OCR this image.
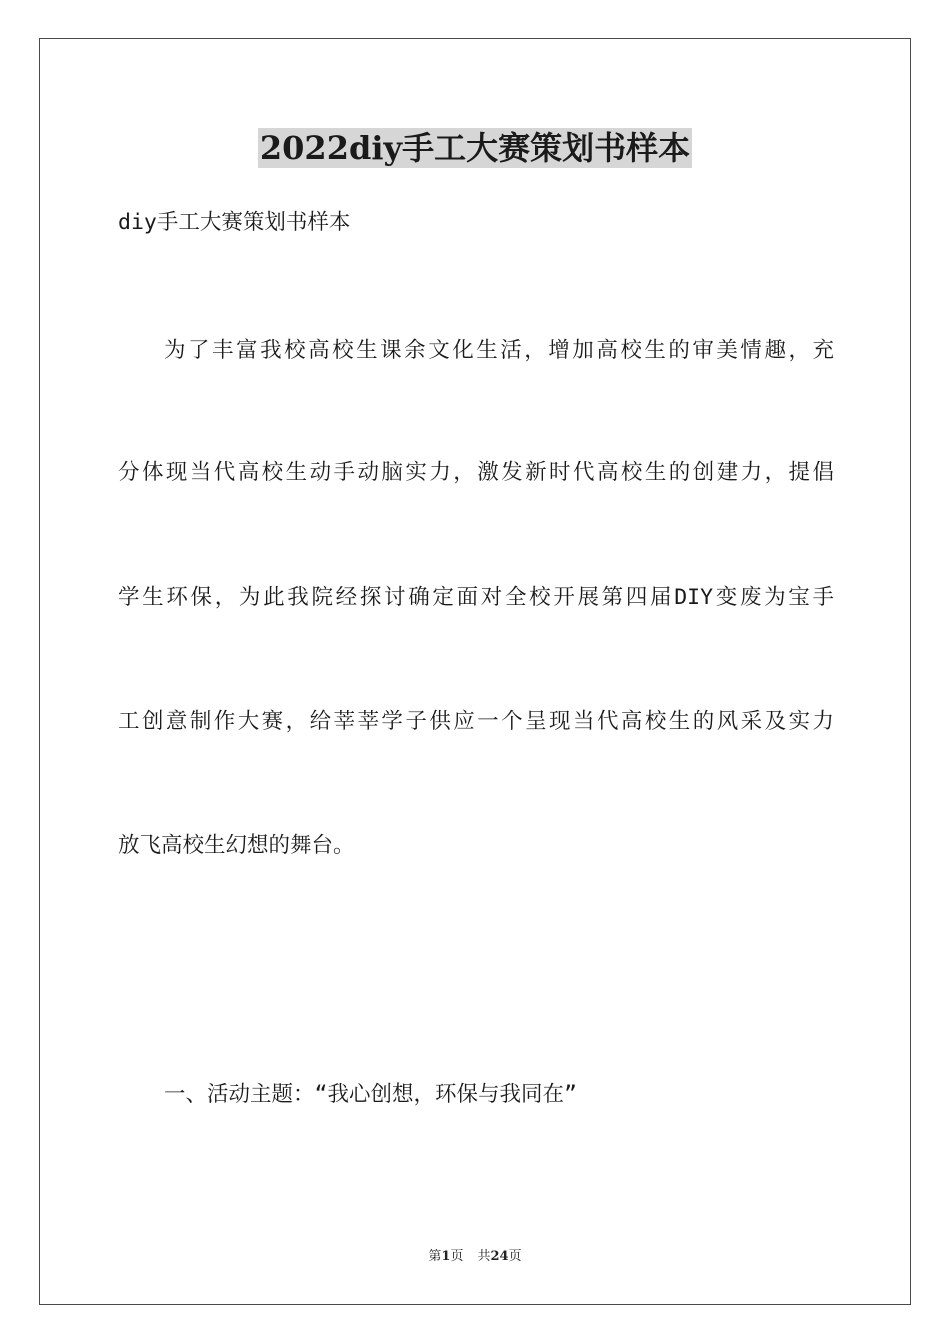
2022diy手工大赛策划书样本
diy手工大赛策划书样本
为了丰富我校高校生课余文化生活，增加高校生的审美情趣，充
分体现当代高校生动手动脑实力，激发新时代高校生的创建力，提倡
学生环保，为此我院经探讨确定面对全校开展第四届DIY变废为宝手
工创意制作大赛，给莘莘学子供应一个呈现当代高校生的风采及实力
放飞高校生幻想的舞台。
一、活动主题：“我心创想，环保与我同在”
第1页 共24页
